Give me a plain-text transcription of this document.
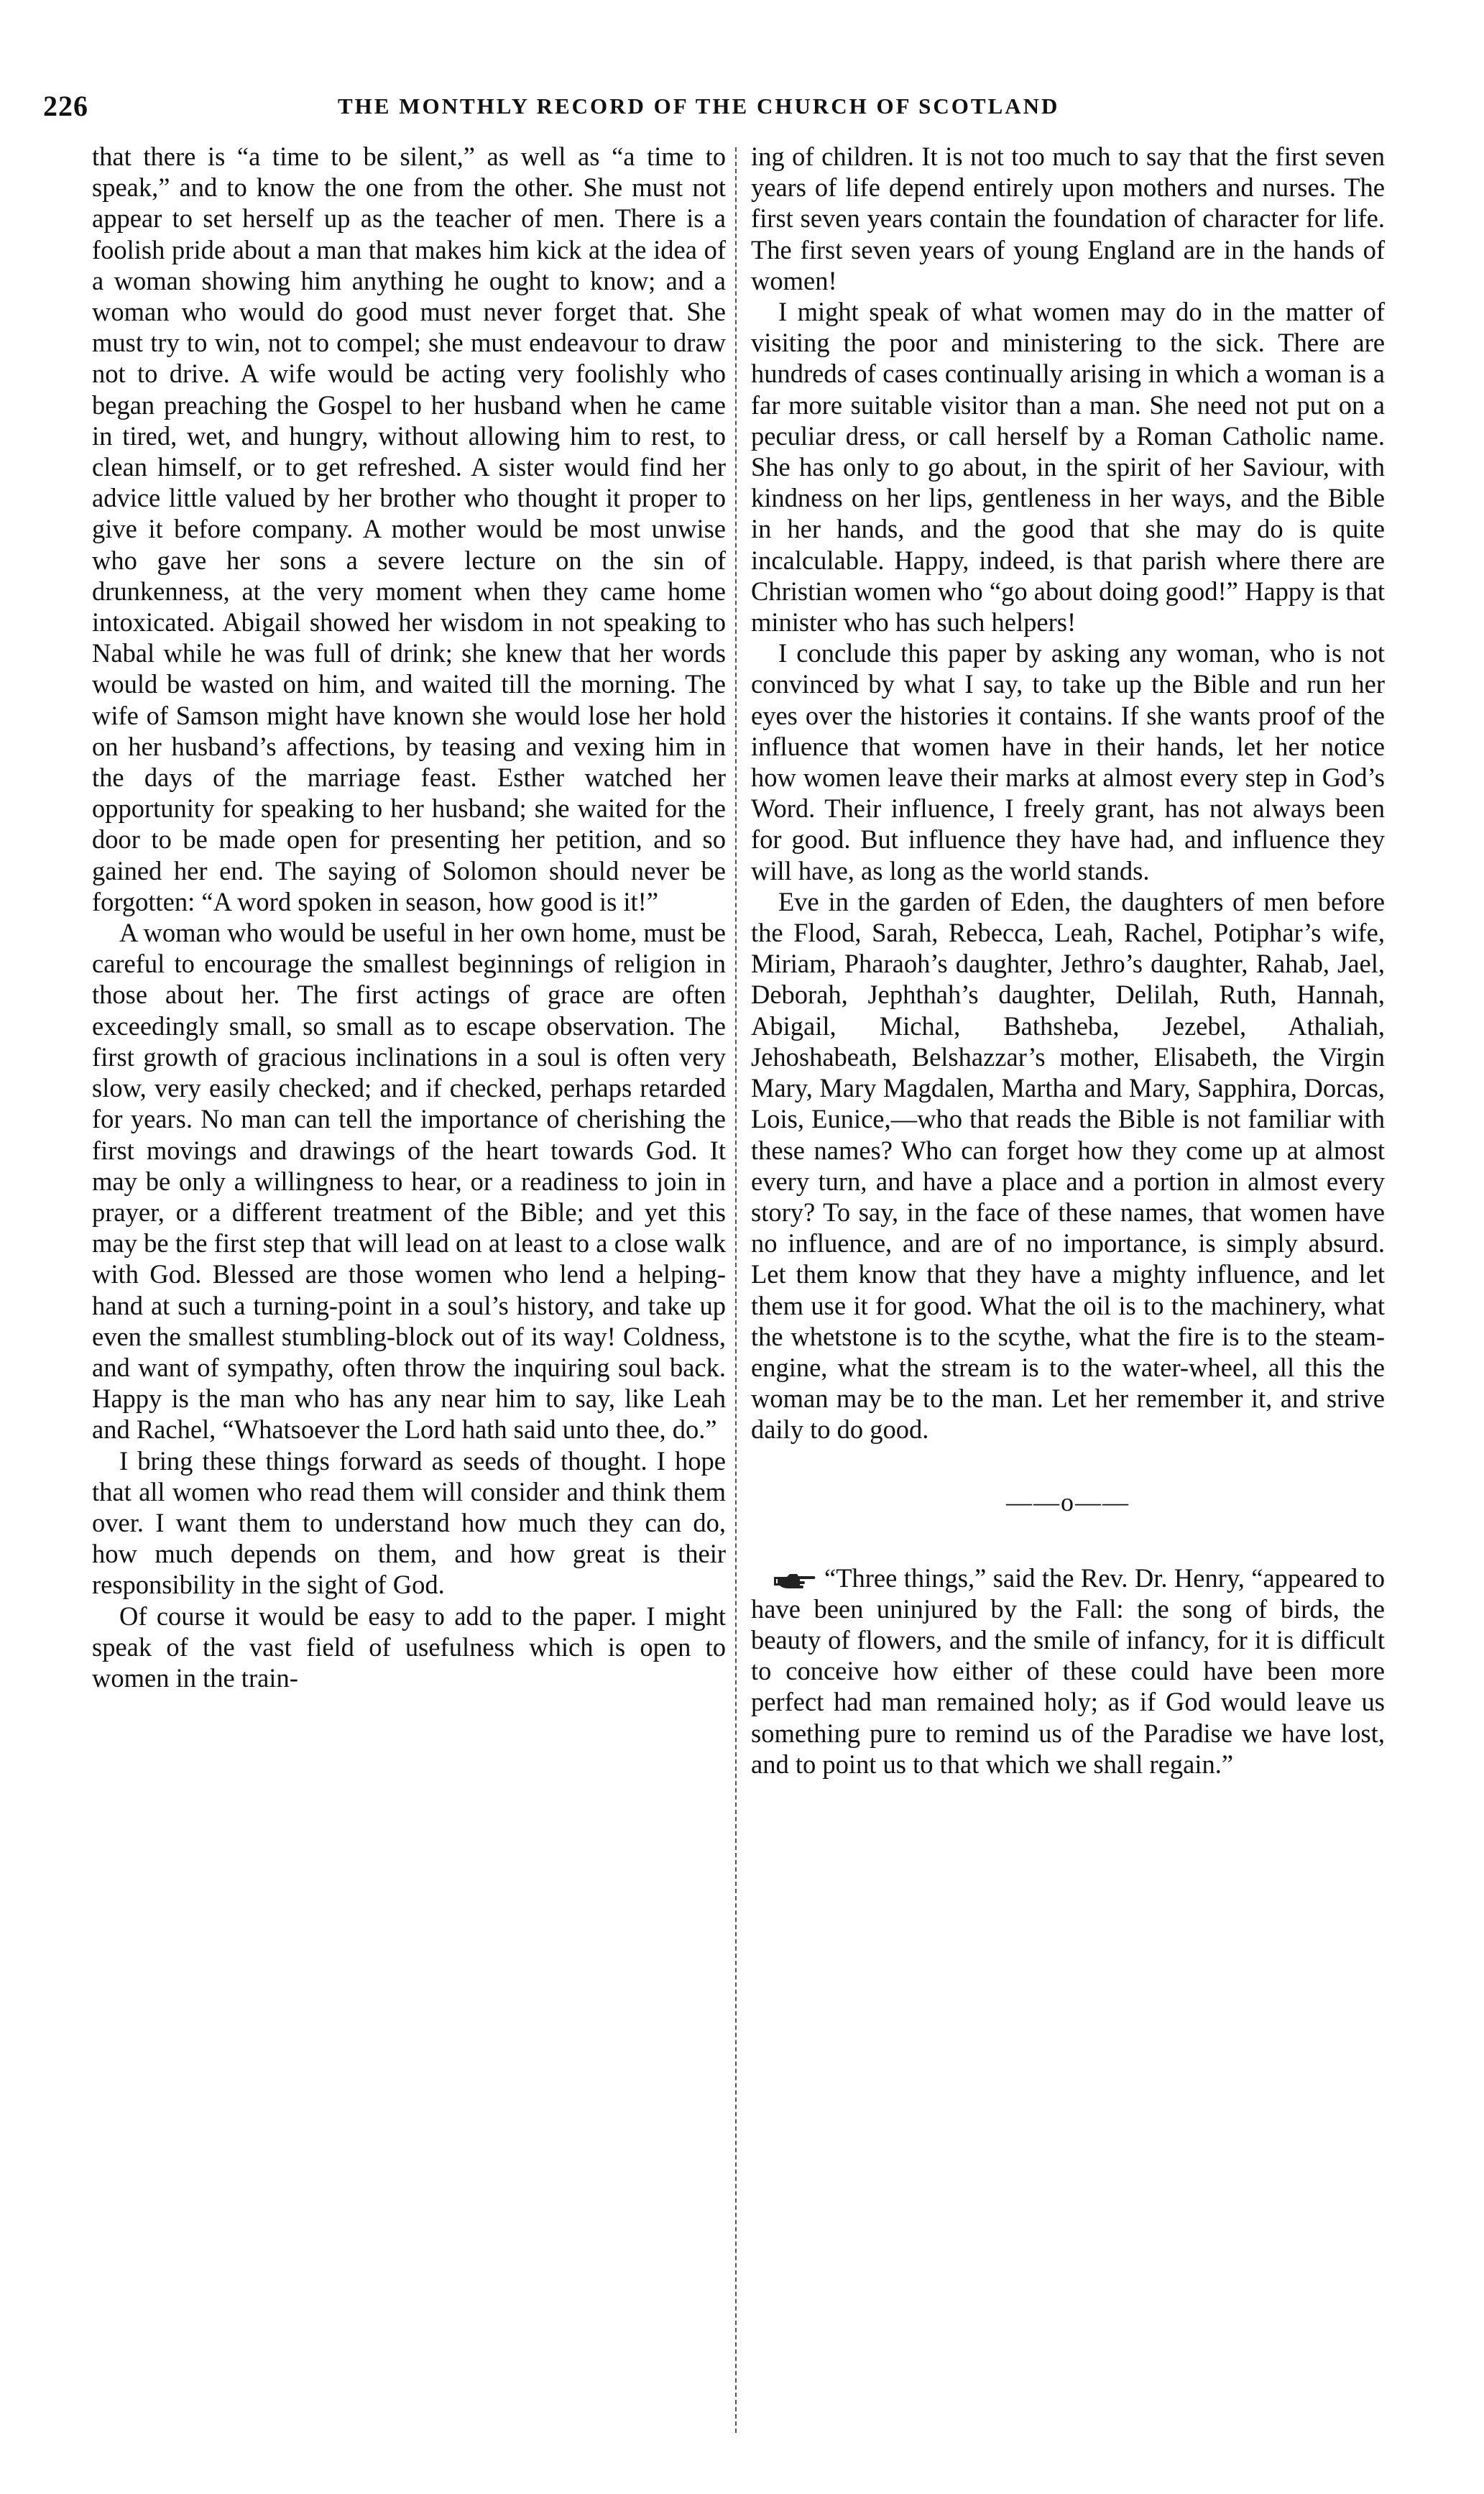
226	THE MONTHLY RECORD OF THE CHURCH OF SCOTLAND

that there is “a time to be silent,” as well as “a time to speak,” and to know the one from the other. She must not appear to set herself up as the teacher of men. There is a foolish pride about a man that makes him kick at the idea of a woman showing him anything he ought to know; and a woman who would do good must never forget that. She must try to win, not to compel; she must endeavour to draw not to drive. A wife would be acting very foolishly who began preaching the Gospel to her husband when he came in tired, wet, and hungry, without allowing him to rest, to clean himself, or to get refreshed. A sister would find her advice little valued by her brother who thought it proper to give it before company. A mother would be most unwise who gave her sons a severe lecture on the sin of drunkenness, at the very moment when they came home intoxicated. Abigail showed her wisdom in not speaking to Nabal while he was full of drink; she knew that her words would be wasted on him, and waited till the morning. The wife of Samson might have known she would lose her hold on her husband’s affections, by teasing and vexing him in the days of the marriage feast. Esther watched her opportunity for speaking to her husband; she waited for the door to be made open for presenting her petition, and so gained her end. The saying of Solomon should never be forgotten: “A word spoken in season, how good is it!”

A woman who would be useful in her own home, must be careful to encourage the smallest beginnings of religion in those about her. The first actings of grace are often exceedingly small, so small as to escape observation. The first growth of gracious inclinations in a soul is often very slow, very easily checked; and if checked, perhaps retarded for years. No man can tell the importance of cherishing the first movings and drawings of the heart towards God. It may be only a willingness to hear, or a readiness to join in prayer, or a different treatment of the Bible; and yet this may be the first step that will lead on at least to a close walk with God. Blessed are those women who lend a helping-hand at such a turning-point in a soul’s history, and take up even the smallest stumbling-block out of its way! Coldness, and want of sympathy, often throw the inquiring soul back. Happy is the man who has any near him to say, like Leah and Rachel, “Whatsoever the Lord hath said unto thee, do.”

I bring these things forward as seeds of thought. I hope that all women who read them will consider and think them over. I want them to understand how much they can do, how much depends on them, and how great is their responsibility in the sight of God.

Of course it would be easy to add to the paper. I might speak of the vast field of usefulness which is open to women in the train-

ing of children. It is not too much to say that the first seven years of life depend entirely upon mothers and nurses. The first seven years contain the foundation of character for life. The first seven years of young England are in the hands of women!

I might speak of what women may do in the matter of visiting the poor and ministering to the sick. There are hundreds of cases continually arising in which a woman is a far more suitable visitor than a man. She need not put on a peculiar dress, or call herself by a Roman Catholic name. She has only to go about, in the spirit of her Saviour, with kindness on her lips, gentleness in her ways, and the Bible in her hands, and the good that she may do is quite incalculable. Happy, indeed, is that parish where there are Christian women who “go about doing good!” Happy is that minister who has such helpers!

I conclude this paper by asking any woman, who is not convinced by what I say, to take up the Bible and run her eyes over the histories it contains. If she wants proof of the influence that women have in their hands, let her notice how women leave their marks at almost every step in God’s Word. Their influence, I freely grant, has not always been for good. But influence they have had, and influence they will have, as long as the world stands.

Eve in the garden of Eden, the daughters of men before the Flood, Sarah, Rebecca, Leah, Rachel, Potiphar’s wife, Miriam, Pharaoh’s daughter, Jethro’s daughter, Rahab, Jael, Deborah, Jephthah’s daughter, Delilah, Ruth, Hannah, Abigail, Michal, Bathsheba, Jezebel, Athaliah, Jehoshabeath, Belshazzar’s mother, Elisabeth, the Virgin Mary, Mary Magdalen, Martha and Mary, Sapphira, Dorcas, Lois, Eunice,—who that reads the Bible is not familiar with these names? Who can forget how they come up at almost every turn, and have a place and a portion in almost every story? To say, in the face of these names, that women have no influence, and are of no importance, is simply absurd. Let them know that they have a mighty influence, and let them use it for good. What the oil is to the machinery, what the whetstone is to the scythe, what the fire is to the steam-engine, what the stream is to the water-wheel, all this the woman may be to the man. Let her remember it, and strive daily to do good.

——o——

“Three things,” said the Rev. Dr. Henry, “appeared to have been uninjured by the Fall: the song of birds, the beauty of flowers, and the smile of infancy, for it is difficult to conceive how either of these could have been more perfect had man remained holy; as if God would leave us something pure to remind us of the Paradise we have lost, and to point us to that which we shall regain.”
